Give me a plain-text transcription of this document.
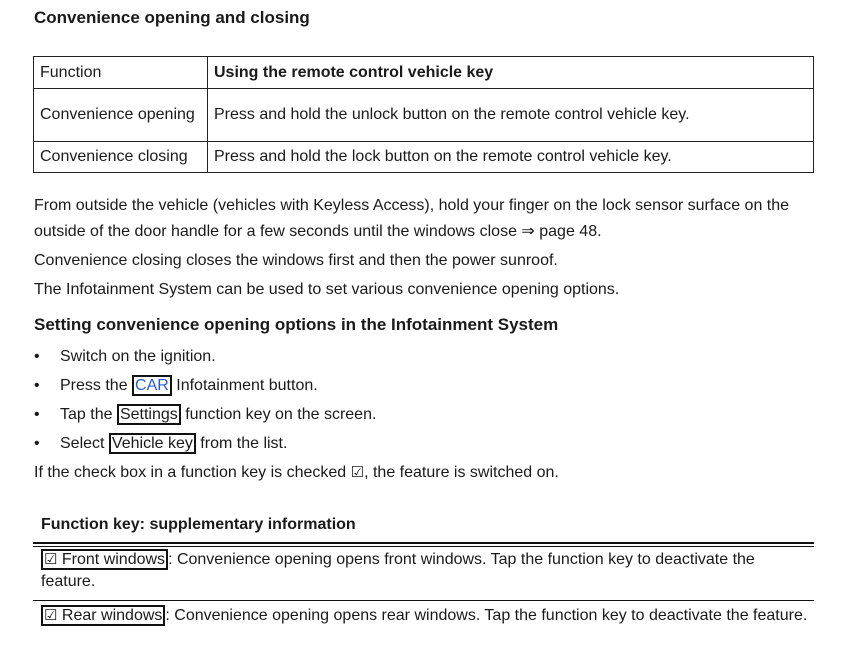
Convenience opening and closing
Function	Using the remote control vehicle key
Convenience opening	Press and hold the unlock button on the remote control vehicle key.
Convenience closing	Press and hold the lock button on the remote control vehicle key.
From outside the vehicle (vehicles with Keyless Access), hold your finger on the lock sensor surface on the outside of the door handle for a few seconds until the windows close ⇒ page 48.
Convenience closing closes the windows first and then the power sunroof.
The Infotainment System can be used to set various convenience opening options.
Setting convenience opening options in the Infotainment System
• Switch on the ignition.
• Press the CAR Infotainment button.
• Tap the Settings function key on the screen.
• Select Vehicle key from the list.
If the check box in a function key is checked ☑, the feature is switched on.
Function key: supplementary information
☑ Front windows : Convenience opening opens front windows. Tap the function key to deactivate the feature.
☑ Rear windows : Convenience opening opens rear windows. Tap the function key to deactivate the feature.
